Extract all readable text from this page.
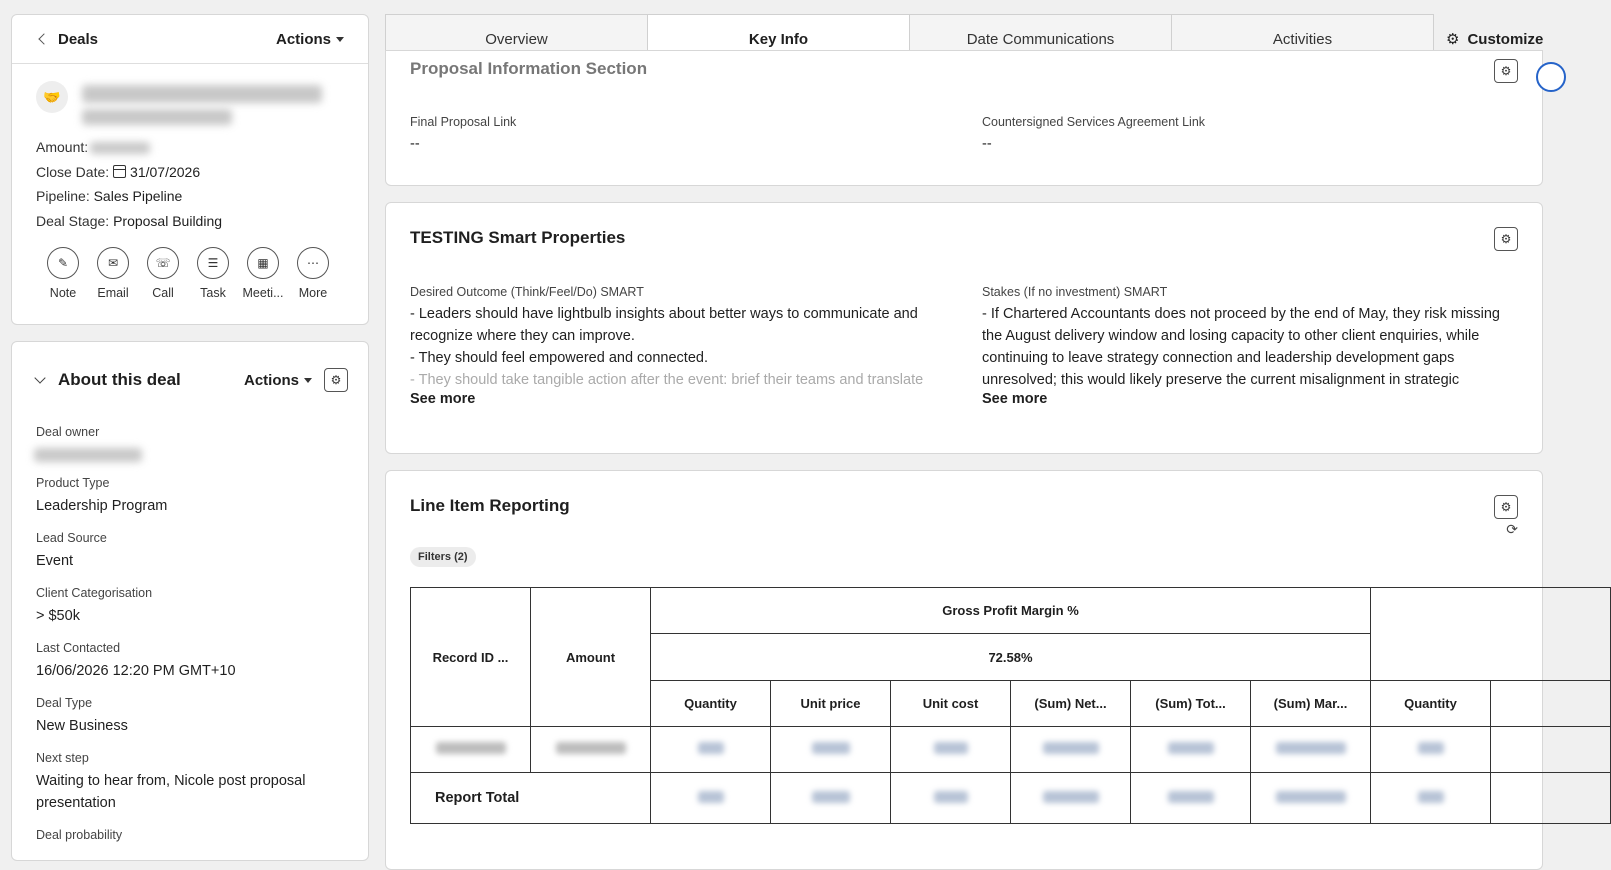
Deals	Actions
🤝
Amount:
Close Date: 31/07/2026
Pipeline: Sales Pipeline
Deal Stage: Proposal Building
✎
Note
✉
Email
☏
Call
☰
Task
▦
Meeti...
⋯
More
About this deal	Actions	⚙
Deal owner
Product Type
Leadership Program
Lead Source
Event
Client Categorisation
> $50k
Last Contacted
16/06/2026 12:20 PM GMT+10
Deal Type
New Business
Next step
Waiting to hear from, Nicole post proposal presentation
Deal probability
Overview	Key Info	Date Communications	Activities	⚙ Customize
Proposal Information Section	⚙
Final Proposal Link
--
Countersigned Services Agreement Link
--
TESTING Smart Properties	⚙
Desired Outcome (Think/Feel/Do) SMART
- Leaders should have lightbulb insights about better ways to communicate and recognize where they can improve.
- They should feel empowered and connected.
- They should take tangible action after the event: brief their teams and translate
See more
Stakes (If no investment) SMART
- If Chartered Accountants does not proceed by the end of May, they risk missing the August delivery window and losing capacity to other client enquiries, while continuing to leave strategy connection and leadership development gaps unresolved; this would likely preserve the current misalignment in strategic
See more
Line Item Reporting	⚙
⟳
Filters (2)
Record ID ...	Amount	Gross Profit Margin %							
		72.58%							
		Quantity	Unit price	Unit cost	(Sum) Net...	(Sum) Tot...	(Sum) Mar...	Quantity	

Report Total									
